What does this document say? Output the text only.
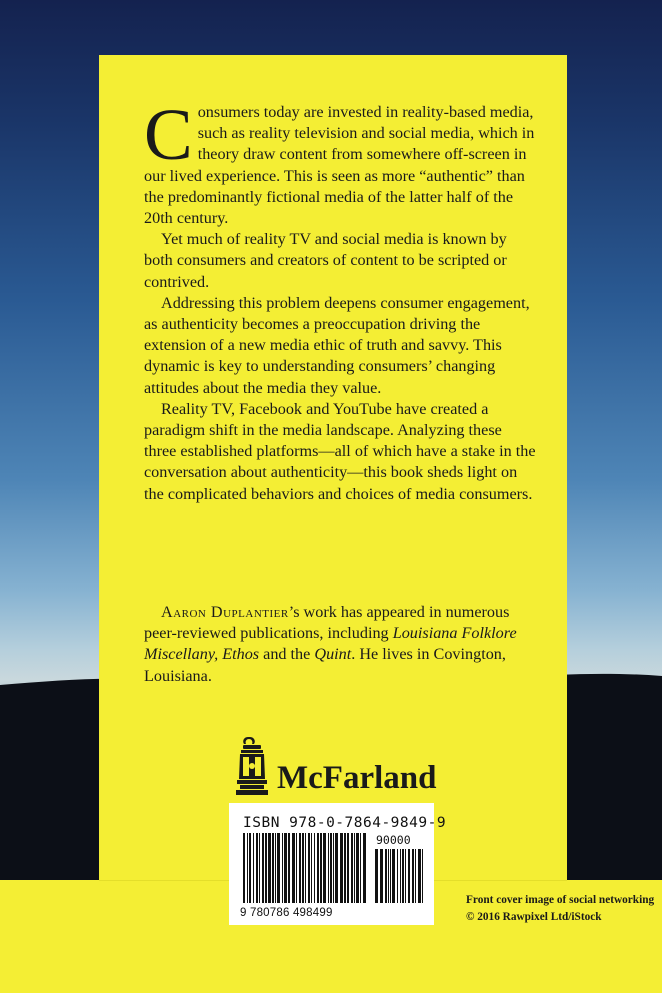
Consumers today are invested in reality-based media, such as reality television and social media, which in theory draw content from somewhere off-screen in our lived experience. This is seen as more “authentic” than the predominantly fictional media of the latter half of the 20th century.

Yet much of reality TV and social media is known by both consumers and creators of content to be scripted or contrived.

Addressing this problem deepens consumer engagement, as authenticity becomes a preoccupation driving the extension of a new media ethic of truth and savvy. This dynamic is key to understanding consumers’ changing attitudes about the media they value.

Reality TV, Facebook and YouTube have created a paradigm shift in the media landscape. Analyzing these three established platforms—all of which have a stake in the conversation about authenticity—this book sheds light on the complicated behaviors and choices of media consumers.

Aaron Duplantier’s work has appeared in numerous peer-reviewed publications, including Louisiana Folklore Miscellany, Ethos and the Quint. He lives in Covington, Louisiana.

McFarland
ISBN 978-0-7864-9849-9
90000
9 780786 498499

Front cover image of social networking © 2016 Rawpixel Ltd/iStock
